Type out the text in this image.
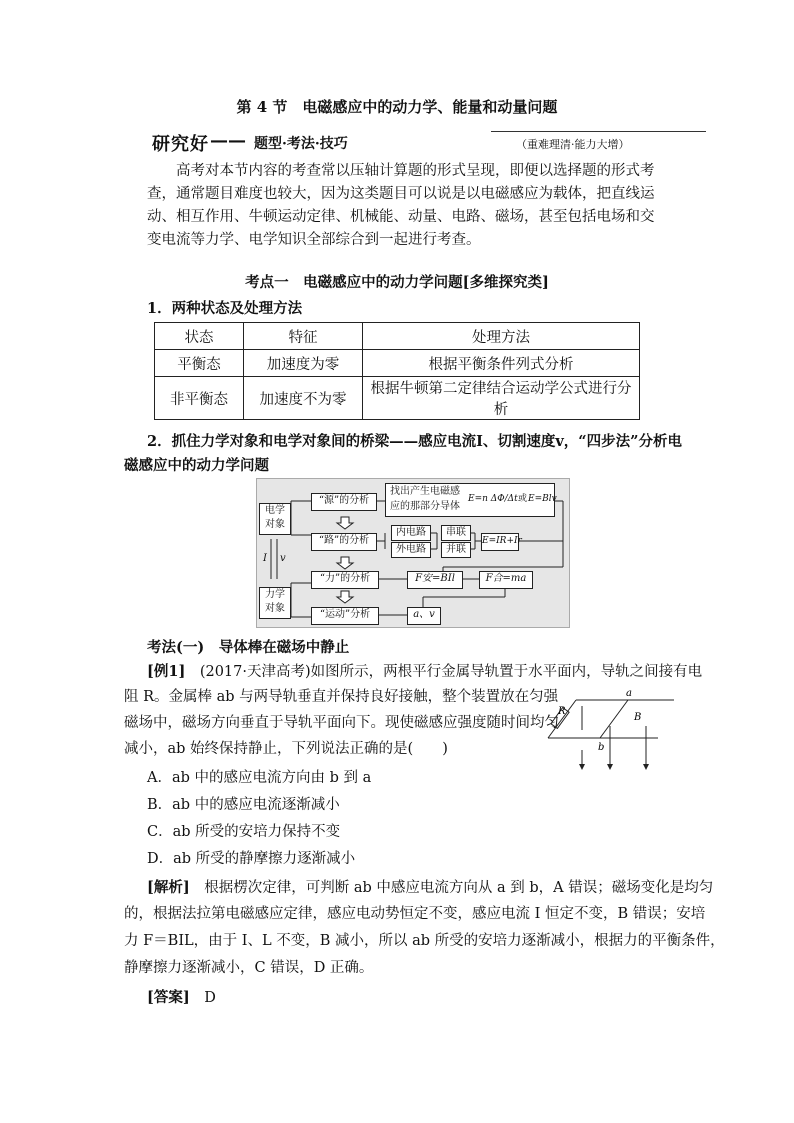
第 4 节　电磁感应中的动力学、能量和动量问题
研究好 —— 题型·考法·技巧	（重难理清·能力大增）
高考对本节内容的考查常以压轴计算题的形式呈现，即便以选择题的形式考查，通常题目难度也较大，因为这类题目可以说是以电磁感应为载体，把直线运动、相互作用、牛顿运动定律、机械能、动量、电路、磁场，甚至包括电场和交变电流等力学、电学知识全部综合到一起进行考查。
考点一　电磁感应中的动力学问题[多维探究类]
1．两种状态及处理方法
状态	特征	处理方法
平衡态	加速度为零	根据平衡条件列式分析
非平衡态	加速度不为零	根据牛顿第二定律结合运动学公式进行分析
2．抓住力学对象和电学对象间的桥梁——感应电流I、切割速度v，“四步法”分析电
磁感应中的动力学问题
电学
对象
力学
对象
I v
“源”的分析
找出产生电磁感
应的那部分导体
E=n ΔΦ/Δt 或 E=Blv
“路”的分析
内电路
外电路
串联
并联
E=IR+Ir
“力”的分析	F安=BIl	F合=ma
“运动”分析	a、v
考法(一)　导体棒在磁场中静止
[例1]　 (2017·天津高考)如图所示，两根平行金属导轨置于水平面内，导轨之间接有电
阻 R。金属棒 ab 与两导轨垂直并保持良好接触，整个装置放在匀强
磁场中，磁场方向垂直于导轨平面向下。现使磁感应强度随时间均匀
减小，ab 始终保持静止，下列说法正确的是(　　)
a
b
B
R
A．ab 中的感应电流方向由 b 到 a
B．ab 中的感应电流逐渐减小
C．ab 所受的安培力保持不变
D．ab 所受的静摩擦力逐渐减小
[解析]　 根据楞次定律，可判断 ab 中感应电流方向从 a 到 b，A 错误；磁场变化是均匀
的，根据法拉第电磁感应定律，感应电动势恒定不变，感应电流 I 恒定不变，B 错误；安培
力 F＝BIL，由于 I、L 不变，B 减小，所以 ab 所受的安培力逐渐减小，根据力的平衡条件，
静摩擦力逐渐减小，C 错误，D 正确。
[答案]　 D
